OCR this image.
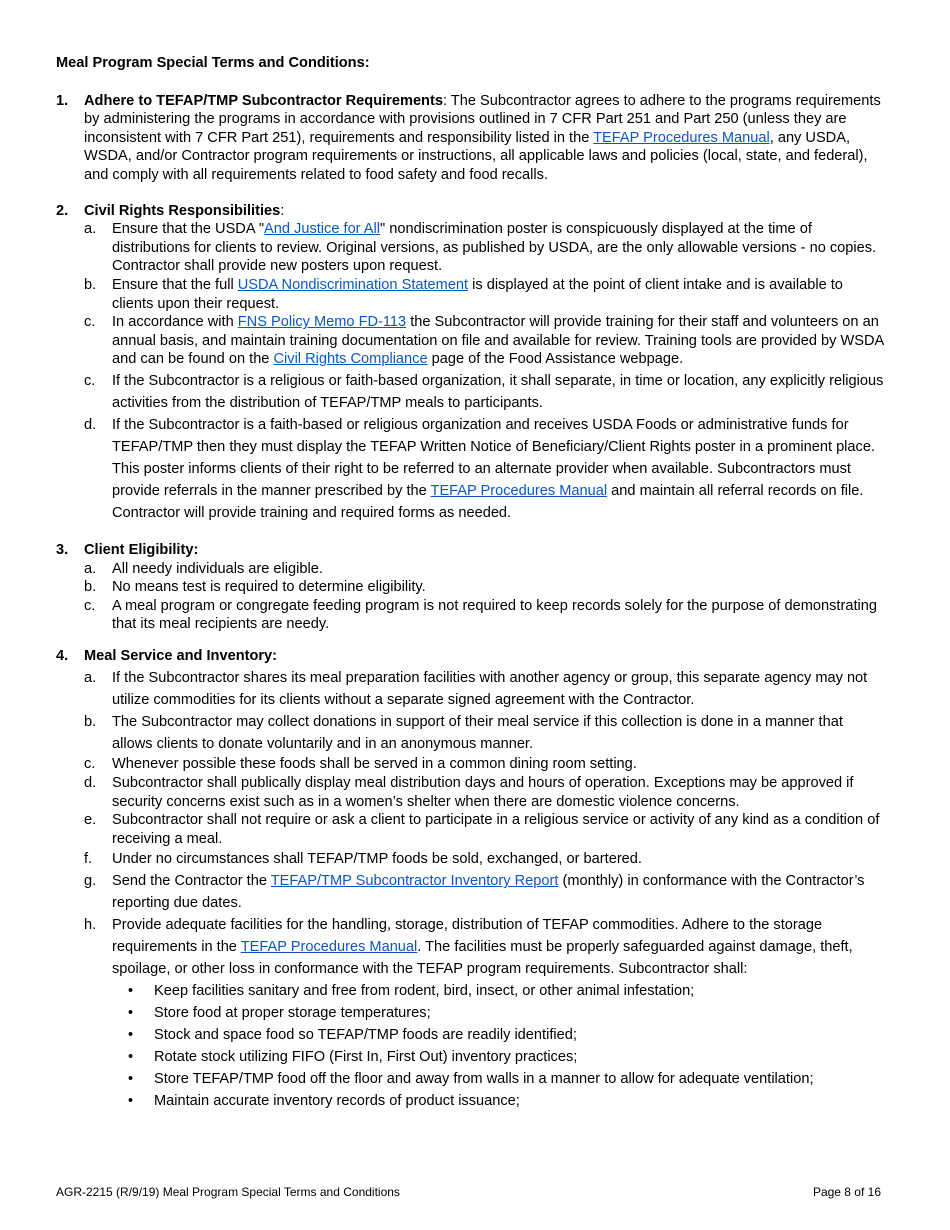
Meal Program Special Terms and Conditions:
1. Adhere to TEFAP/TMP Subcontractor Requirements: The Subcontractor agrees to adhere to the programs requirements by administering the programs in accordance with provisions outlined in 7 CFR Part 251 and Part 250 (unless they are inconsistent with 7 CFR Part 251), requirements and responsibility listed in the TEFAP Procedures Manual, any USDA, WSDA, and/or Contractor program requirements or instructions, all applicable laws and policies (local, state, and federal), and comply with all requirements related to food safety and food recalls.
2. Civil Rights Responsibilities:
a. Ensure that the USDA "And Justice for All" nondiscrimination poster is conspicuously displayed at the time of distributions for clients to review. Original versions, as published by USDA, are the only allowable versions - no copies. Contractor shall provide new posters upon request.
b. Ensure that the full USDA Nondiscrimination Statement is displayed at the point of client intake and is available to clients upon their request.
c. In accordance with FNS Policy Memo FD-113 the Subcontractor will provide training for their staff and volunteers on an annual basis, and maintain training documentation on file and available for review. Training tools are provided by WSDA and can be found on the Civil Rights Compliance page of the Food Assistance webpage.
c. If the Subcontractor is a religious or faith-based organization, it shall separate, in time or location, any explicitly religious activities from the distribution of TEFAP/TMP meals to participants.
d. If the Subcontractor is a faith-based or religious organization and receives USDA Foods or administrative funds for TEFAP/TMP then they must display the TEFAP Written Notice of Beneficiary/Client Rights poster in a prominent place. This poster informs clients of their right to be referred to an alternate provider when available. Subcontractors must provide referrals in the manner prescribed by the TEFAP Procedures Manual and maintain all referral records on file. Contractor will provide training and required forms as needed.
3. Client Eligibility:
a. All needy individuals are eligible.
b. No means test is required to determine eligibility.
c. A meal program or congregate feeding program is not required to keep records solely for the purpose of demonstrating that its meal recipients are needy.
4. Meal Service and Inventory:
a. If the Subcontractor shares its meal preparation facilities with another agency or group, this separate agency may not utilize commodities for its clients without a separate signed agreement with the Contractor.
b. The Subcontractor may collect donations in support of their meal service if this collection is done in a manner that allows clients to donate voluntarily and in an anonymous manner.
c. Whenever possible these foods shall be served in a common dining room setting.
d. Subcontractor shall publically display meal distribution days and hours of operation. Exceptions may be approved if security concerns exist such as in a women’s shelter when there are domestic violence concerns.
e. Subcontractor shall not require or ask a client to participate in a religious service or activity of any kind as a condition of receiving a meal.
f. Under no circumstances shall TEFAP/TMP foods be sold, exchanged, or bartered.
g. Send the Contractor the TEFAP/TMP Subcontractor Inventory Report (monthly) in conformance with the Contractor’s reporting due dates.
h. Provide adequate facilities for the handling, storage, distribution of TEFAP commodities. Adhere to the storage requirements in the TEFAP Procedures Manual. The facilities must be properly safeguarded against damage, theft, spoilage, or other loss in conformance with the TEFAP program requirements. Subcontractor shall:
• Keep facilities sanitary and free from rodent, bird, insect, or other animal infestation;
• Store food at proper storage temperatures;
• Stock and space food so TEFAP/TMP foods are readily identified;
• Rotate stock utilizing FIFO (First In, First Out) inventory practices;
• Store TEFAP/TMP food off the floor and away from walls in a manner to allow for adequate ventilation;
• Maintain accurate inventory records of product issuance;
AGR-2215 (R/9/19) Meal Program Special Terms and Conditions	Page 8 of 16
